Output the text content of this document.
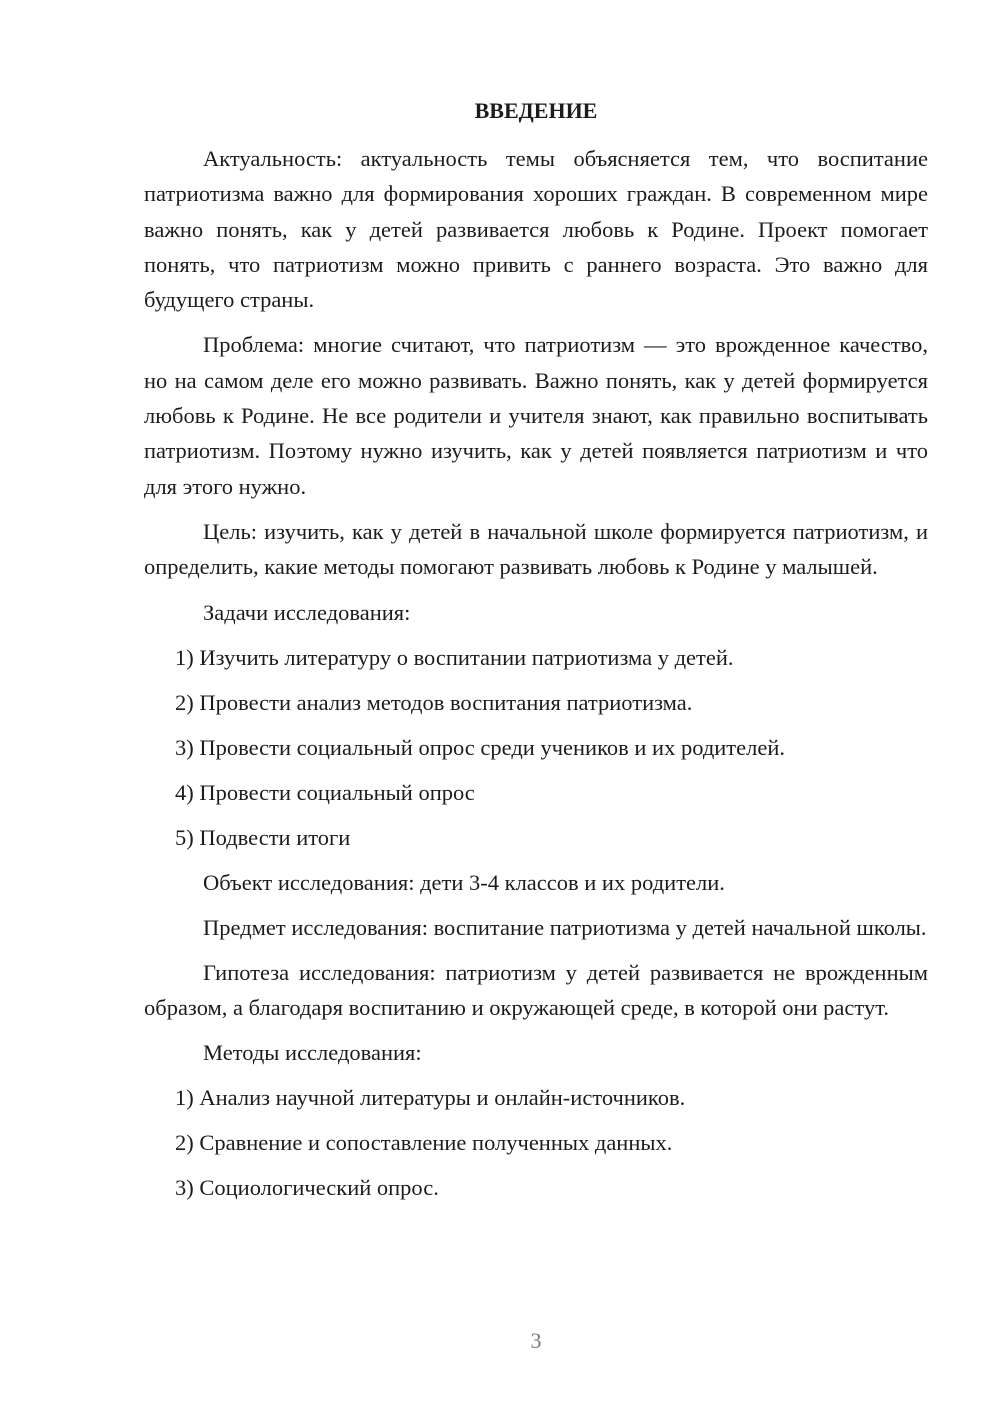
ВВЕДЕНИЕ

Актуальность: актуальность темы объясняется тем, что воспитание патриотизма важно для формирования хороших граждан. В современном мире важно понять, как у детей развивается любовь к Родине. Проект помогает понять, что патриотизм можно привить с раннего возраста. Это важно для будущего страны.

Проблема: многие считают, что патриотизм — это врожденное качество, но на самом деле его можно развивать. Важно понять, как у детей формируется любовь к Родине. Не все родители и учителя знают, как правильно воспитывать патриотизм. Поэтому нужно изучить, как у детей появляется патриотизм и что для этого нужно.

Цель: изучить, как у детей в начальной школе формируется патриотизм, и определить, какие методы помогают развивать любовь к Родине у малышей.

Задачи исследования:

1) Изучить литературу о воспитании патриотизма у детей.
2) Провести анализ методов воспитания патриотизма.
3) Провести социальный опрос среди учеников и их родителей.
4) Провести социальный опрос
5) Подвести итоги

Объект исследования: дети 3-4 классов и их родители.

Предмет исследования: воспитание патриотизма у детей начальной школы.

Гипотеза исследования: патриотизм у детей развивается не врожденным образом, а благодаря воспитанию и окружающей среде, в которой они растут.

Методы исследования:

1) Анализ научной литературы и онлайн-источников.
2) Сравнение и сопоставление полученных данных.
3) Социологический опрос.
3
